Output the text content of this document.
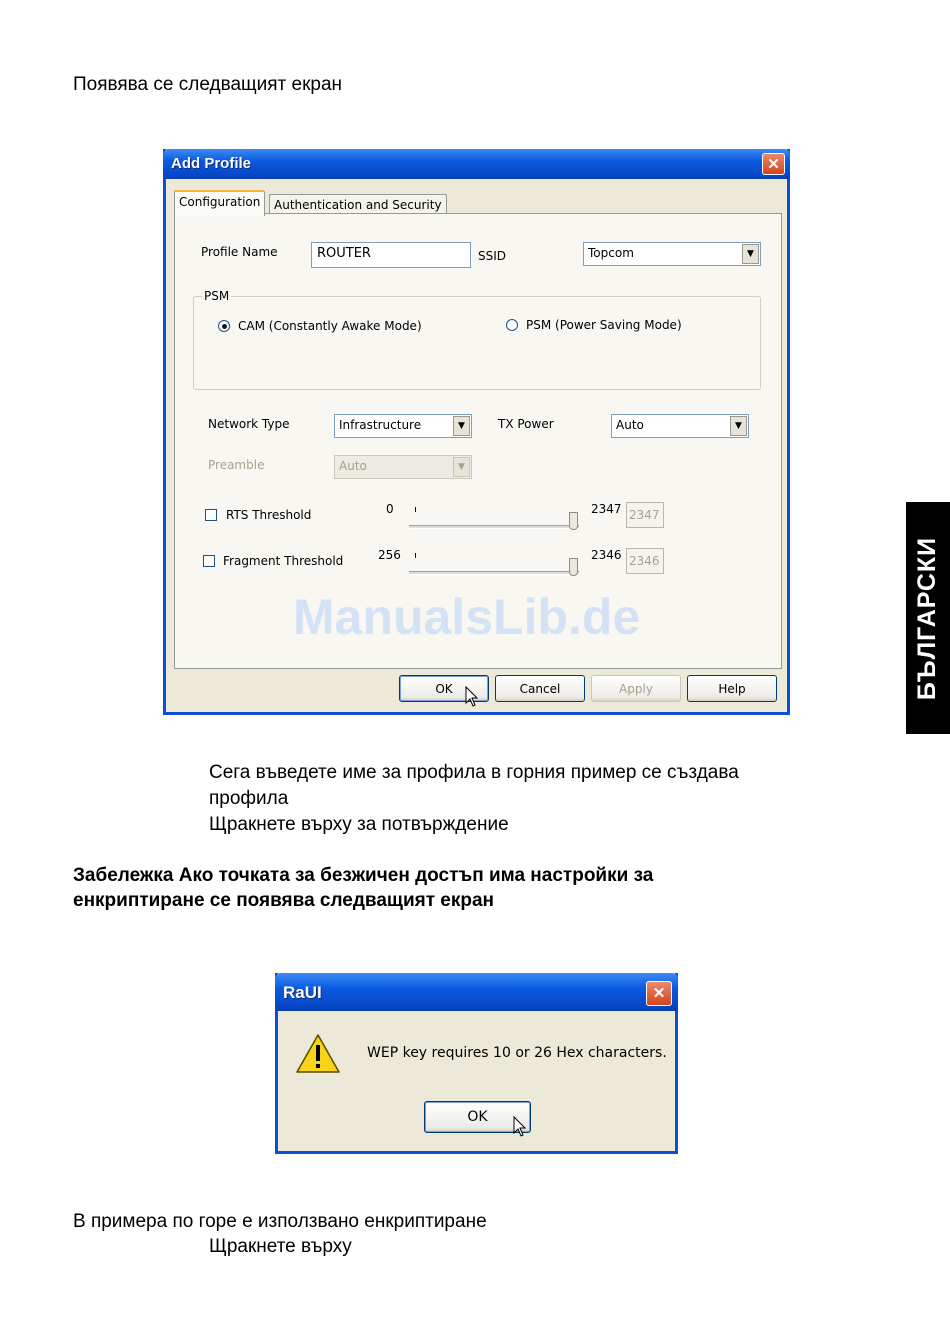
Появява се следващият екран
Add Profile	✕
Configuration	Authentication and Security
Profile Name	ROUTER	SSID	Topcom	▼
PSM
CAM (Constantly Awake Mode)	PSM (Power Saving Mode)
Network Type	Infrastructure	▼	TX Power	Auto	▼
Preamble	Auto	▼
RTS Threshold	0	2347 2347
Fragment Threshold	256	2346 2346
ManualsLib.de
OK	Cancel	Apply	Help	БЪЛГАРСКИ
Сега въведете име за профила в горния пример се създава
профила
Щракнете върху за потвърждение
Забележка Ако точката за безжичен достъп има настройки за
енкриптиране се появява следващият екран
RaUI	✕
WEP key requires 10 or 26 Hex characters.
OK
В примера по горе е използвано енкриптиране
Щракнете върху
